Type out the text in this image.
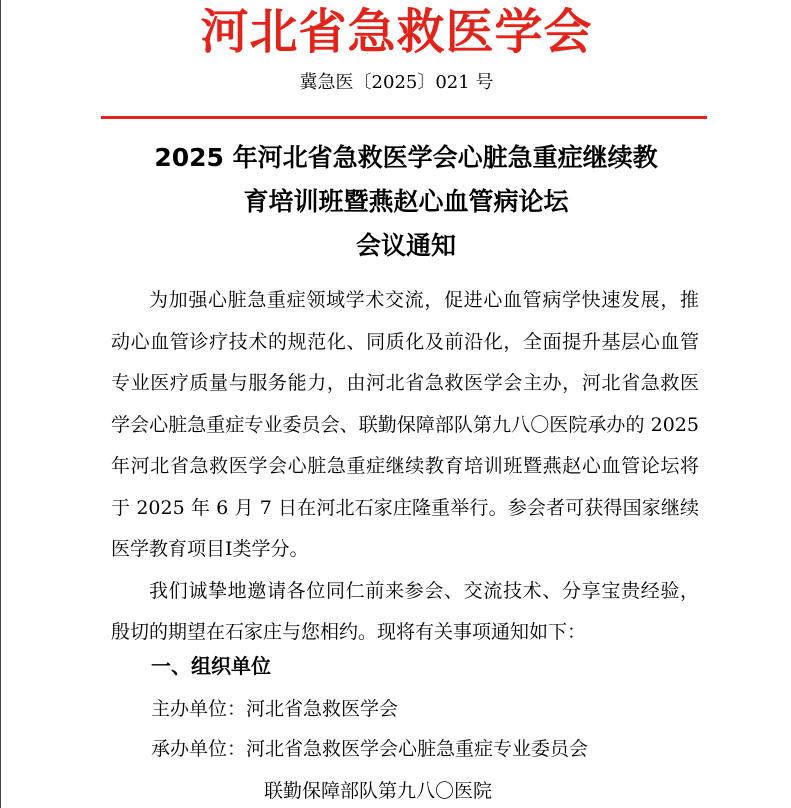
河北省急救医学会
冀急医〔2025〕021 号
2025 年河北省急救医学会心脏急重症继续教
育培训班暨燕赵心血管病论坛
会议通知

为加强心脏急重症领域学术交流，促进心血管病学快速发展，推动心血管诊疗技术的规范化、同质化及前沿化，全面提升基层心血管专业医疗质量与服务能力，由河北省急救医学会主办，河北省急救医学会心脏急重症专业委员会、联勤保障部队第九八〇医院承办的 2025 年河北省急救医学会心脏急重症继续教育培训班暨燕赵心血管论坛将于 2025 年 6 月 7 日在河北石家庄隆重举行。参会者可获得国家继续医学教育项目Ⅰ类学分。

我们诚挚地邀请各位同仁前来参会、交流技术、分享宝贵经验，殷切的期望在石家庄与您相约。现将有关事项通知如下：

一、组织单位
主办单位：河北省急救医学会
承办单位：河北省急救医学会心脏急重症专业委员会
联勤保障部队第九八〇医院
